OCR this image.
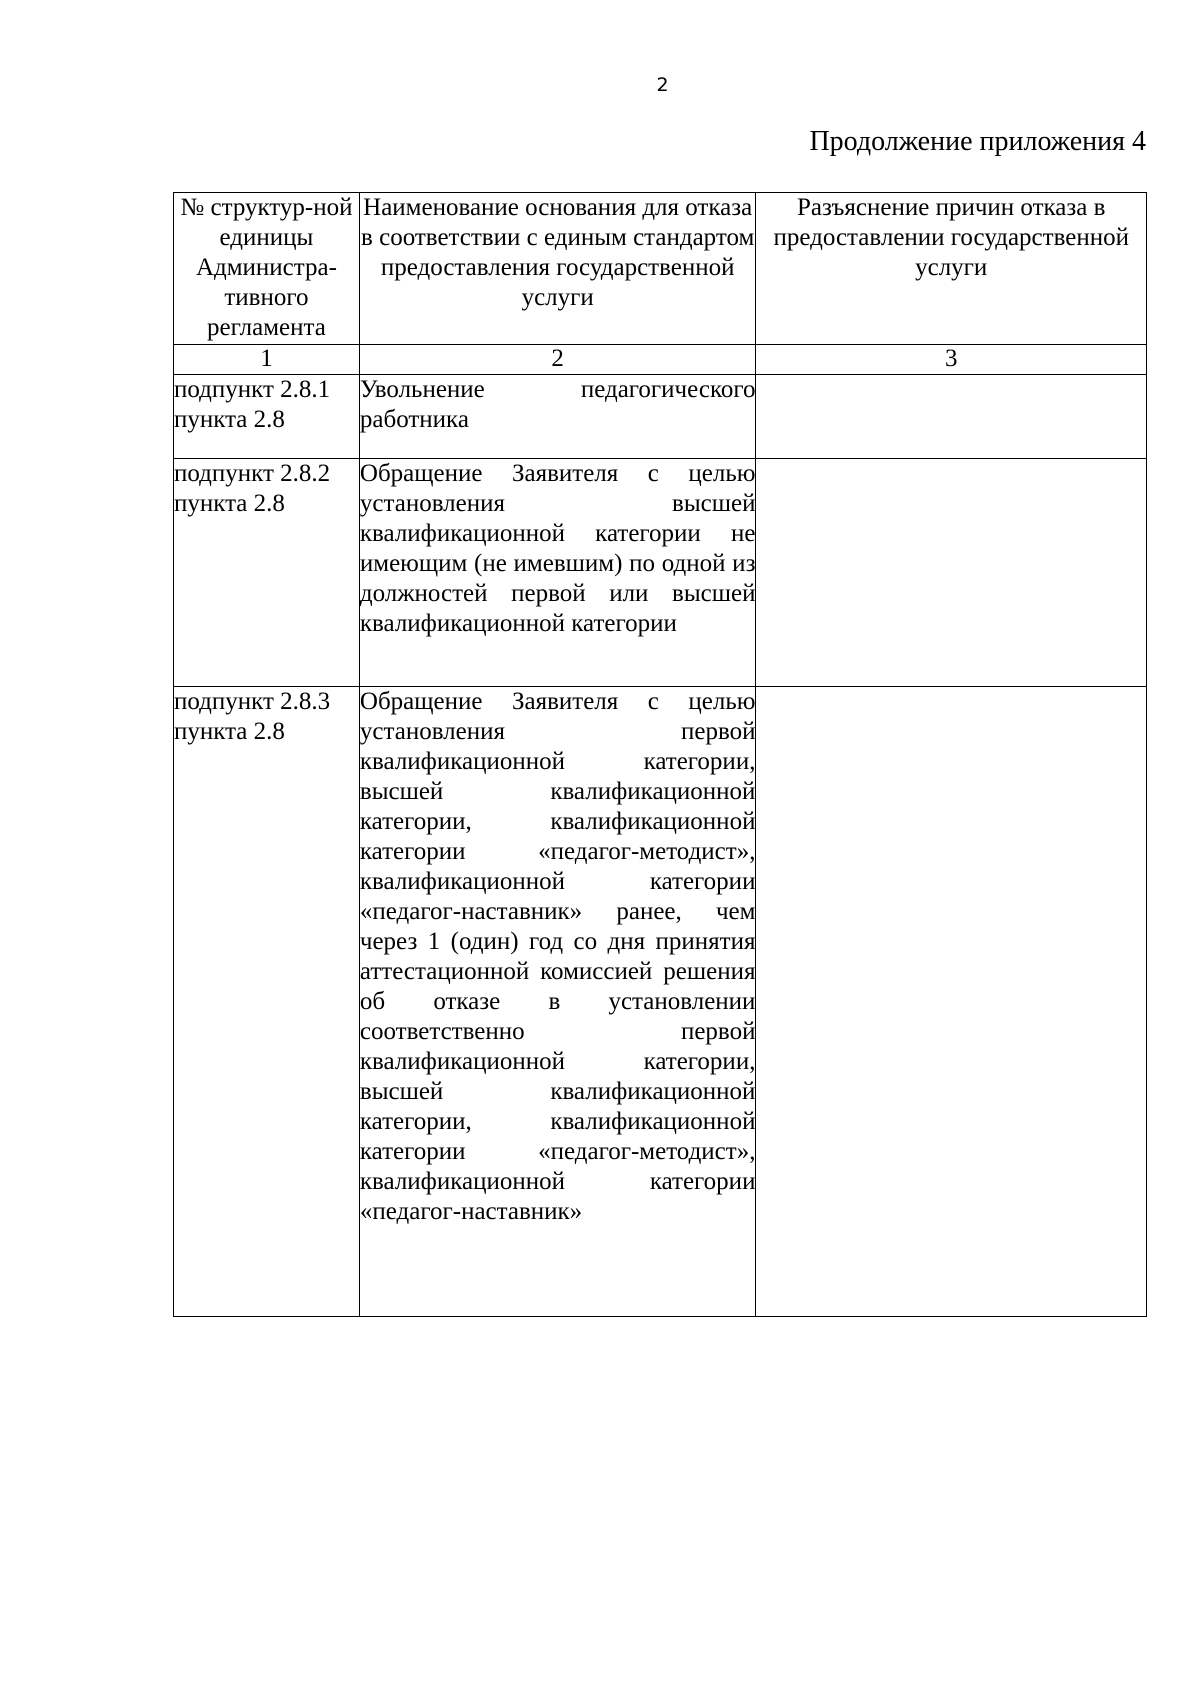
2
Продолжение приложения 4
№ структур-ной единицы Администра-тивного регламента	Наименование основания для отказа в соответствии с единым стандартом предоставления государственной услуги	Разъяснение причин отказа в предоставлении государственной услуги
1	2	3
подпункт 2.8.1 пункта 2.8	Увольнение педагогического работника	
подпункт 2.8.2 пункта 2.8	Обращение Заявителя с целью установления высшей квалификационной категории не имеющим (не имевшим) по одной из должностей первой или высшей квалификационной категории	
подпункт 2.8.3 пункта 2.8	Обращение Заявителя с целью установления первой квалификационной категории, высшей квалификационной категории, квалификационной категории «педагог-методист», квалификационной категории «педагог-наставник» ранее, чем через 1 (один) год со дня принятия аттестационной комиссией решения об отказе в установлении соответственно первой квалификационной категории, высшей квалификационной категории, квалификационной категории «педагог-методист», квалификационной категории «педагог-наставник»	
